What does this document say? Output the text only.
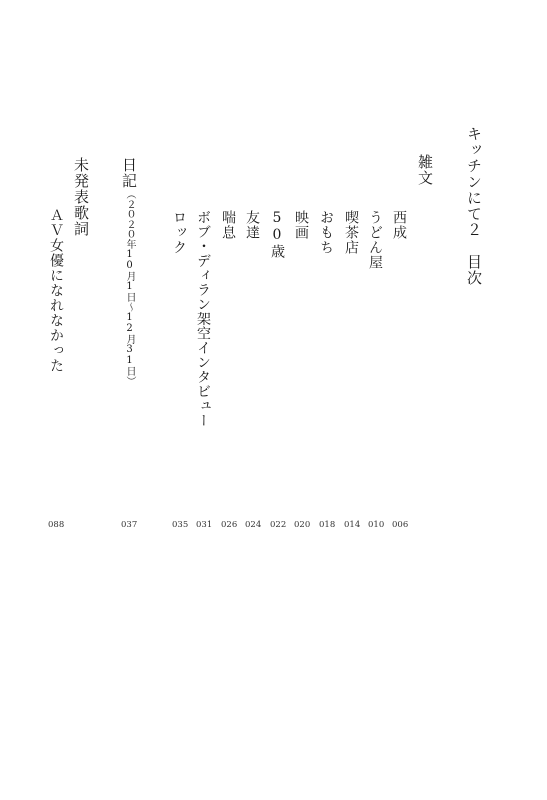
キッチンにて２　目次
雑文
西成
うどん屋
喫茶店
おもち
映画
50歳
友達
喘息
ボブ・ディラン架空インタビュー
ロック
日記（２０２０年10月1日〜12月31日）
未発表歌詞
ＡＶ女優になれなかった
006
010
014
018
020
022
024
026
031
035
037
088
